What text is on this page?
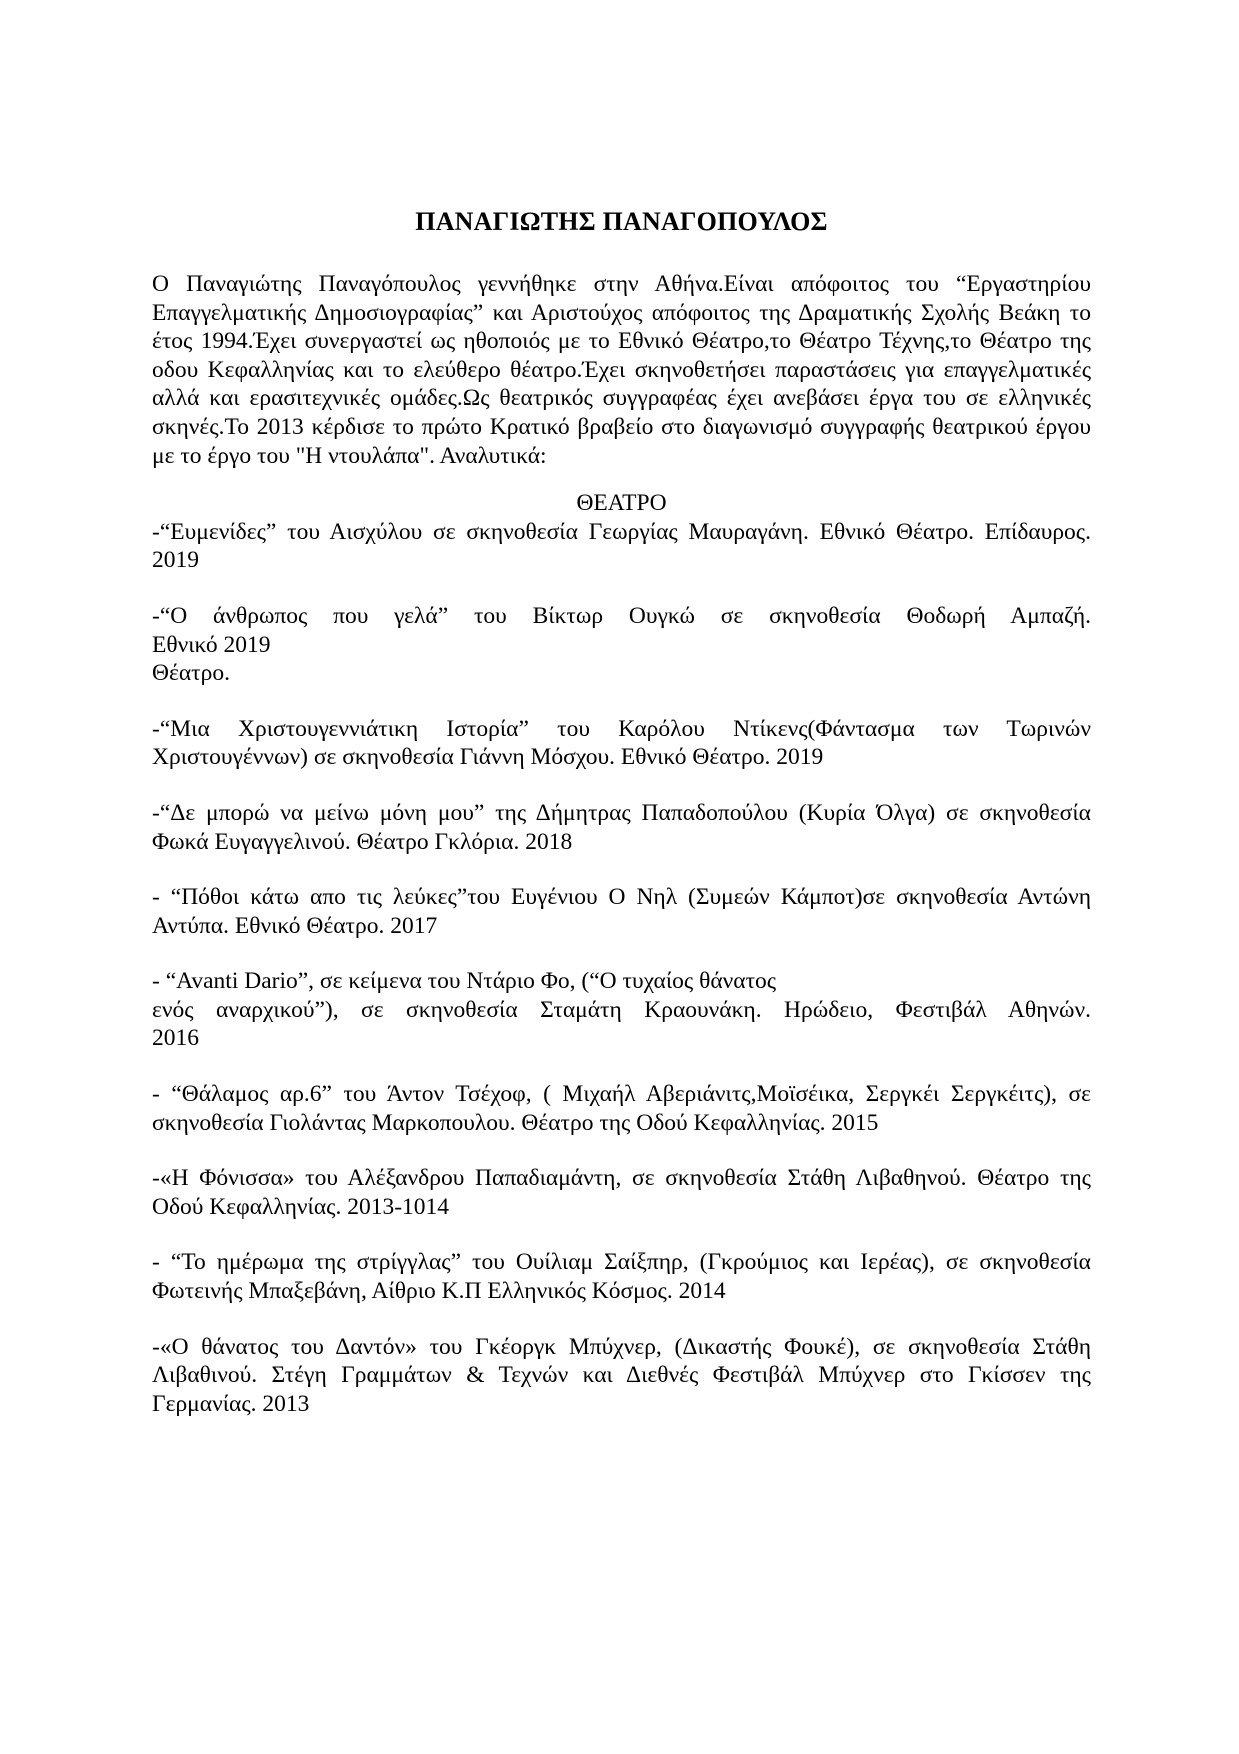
ΠΑΝΑΓΙΩΤΗΣ ΠΑΝΑΓΟΠΟΥΛΟΣ

Ο Παναγιώτης Παναγόπουλος γεννήθηκε στην Αθήνα.Είναι απόφοιτος του “Εργαστηρίου Επαγγελματικής Δημοσιογραφίας” και Αριστούχος απόφοιτος της Δραματικής Σχολής Βεάκη το έτος 1994.Έχει συνεργαστεί ως ηθοποιός με το Εθνικό Θέατρο,το Θέατρο Τέχνης,το Θέατρο της οδου Κεφαλληνίας και το ελεύθερο θέατρο.Έχει σκηνοθετήσει παραστάσεις για επαγγελματικές αλλά και ερασιτεχνικές ομάδες.Ως θεατρικός συγγραφέας έχει ανεβάσει έργα του σε ελληνικές σκηνές.Το 2013 κέρδισε το πρώτο Κρατικό βραβείο στο διαγωνισμό συγγραφής θεατρικού έργου με το έργο του "Η ντουλάπα". Αναλυτικά:

ΘΕΑΤΡΟ

-“Ευμενίδες” του Αισχύλου σε σκηνοθεσία Γεωργίας Μαυραγάνη. Εθνικό Θέατρο. Επίδαυρος. 2019

-“Ο άνθρωπος που γελά” του Βίκτωρ Ουγκώ σε σκηνοθεσία Θοδωρή Αμπαζή.
Εθνικό 2019
Θέατρο.

-“Μια Χριστουγεννιάτικη Ιστορία” του Καρόλου Ντίκενς(Φάντασμα των Τωρινών Χριστουγέννων) σε σκηνοθεσία Γιάννη Μόσχου. Εθνικό Θέατρο. 2019

-“Δε μπορώ να μείνω μόνη μου” της Δήμητρας Παπαδοπούλου (Κυρία Όλγα) σε σκηνοθεσία Φωκά Ευγαγγελινού. Θέατρο Γκλόρια. 2018

- “Πόθοι κάτω απο τις λεύκες”του Ευγένιου Ο Νηλ (Συμεών Κάμποτ)σε σκηνοθεσία Αντώνη Αντύπα. Εθνικό Θέατρο. 2017

- “Avanti Dario”, σε κείμενα του Ντάριο Φο, (“Ο τυχαίος θάνατος
ενός αναρχικού”), σε σκηνοθεσία Σταμάτη Κραουνάκη. Ηρώδειο, Φεστιβάλ Αθηνών.
2016

- “Θάλαμος αρ.6” του Άντον Τσέχοφ, ( Μιχαήλ Αβεριάνιτς,Μοϊσέικα, Σεργκέι Σεργκέιτς), σε σκηνοθεσία Γιολάντας Μαρκοπουλου. Θέατρο της Οδού Κεφαλληνίας. 2015

-«Η Φόνισσα» του Αλέξανδρου Παπαδιαμάντη, σε σκηνοθεσία Στάθη Λιβαθηνού. Θέατρο της Οδού Κεφαλληνίας. 2013-1014

- “Το ημέρωμα της στρίγγλας” του Ουίλιαμ Σαίξπηρ, (Γκρούμιος και Ιερέας), σε σκηνοθεσία Φωτεινής Μπαξεβάνη, Αίθριο Κ.Π Ελληνικός Κόσμος. 2014

-«Ο θάνατος του Δαντόν» του Γκέοργκ Μπύχνερ, (Δικαστής Φουκέ), σε σκηνοθεσία Στάθη Λιβαθινού. Στέγη Γραμμάτων & Τεχνών και Διεθνές Φεστιβάλ Μπύχνερ στο Γκίσσεν της Γερμανίας. 2013
